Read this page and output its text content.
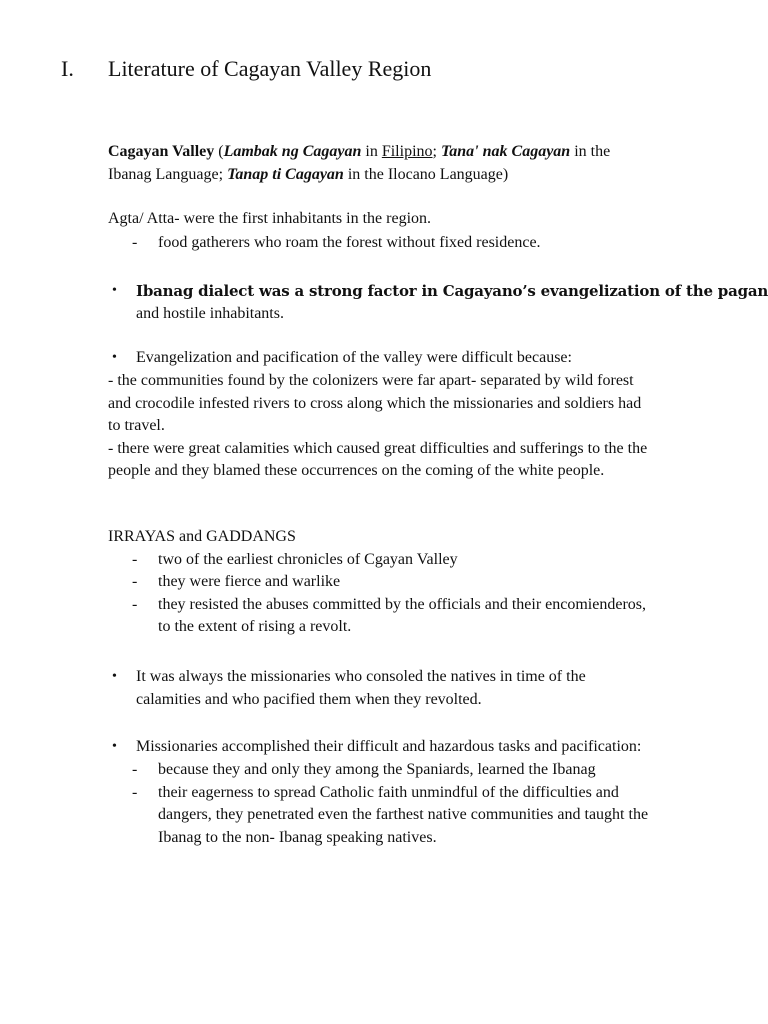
I. Literature of Cagayan Valley Region
Cagayan Valley (Lambak ng Cagayan in Filipino; Tana' nak Cagayan in the
Ibanag Language; Tanap ti Cagayan in the Ilocano Language)
Agta/ Atta- were the first inhabitants in the region.
- food gatherers who roam the forest without fixed residence.
• Ibanag dialect was a strong factor in Cagayano’s evangelization of the pagan
and hostile inhabitants.
• Evangelization and pacification of the valley were difficult because:
- the communities found by the colonizers were far apart- separated by wild forest
and crocodile infested rivers to cross along which the missionaries and soldiers had
to travel.
- there were great calamities which caused great difficulties and sufferings to the the
people and they blamed these occurrences on the coming of the white people.
IRRAYAS and GADDANGS
- two of the earliest chronicles of Cgayan Valley
- they were fierce and warlike
- they resisted the abuses committed by the officials and their encomienderos,
to the extent of rising a revolt.
• It was always the missionaries who consoled the natives in time of the
calamities and who pacified them when they revolted.
• Missionaries accomplished their difficult and hazardous tasks and pacification:
- because they and only they among the Spaniards, learned the Ibanag
- their eagerness to spread Catholic faith unmindful of the difficulties and
dangers, they penetrated even the farthest native communities and taught the
Ibanag to the non- Ibanag speaking natives.
